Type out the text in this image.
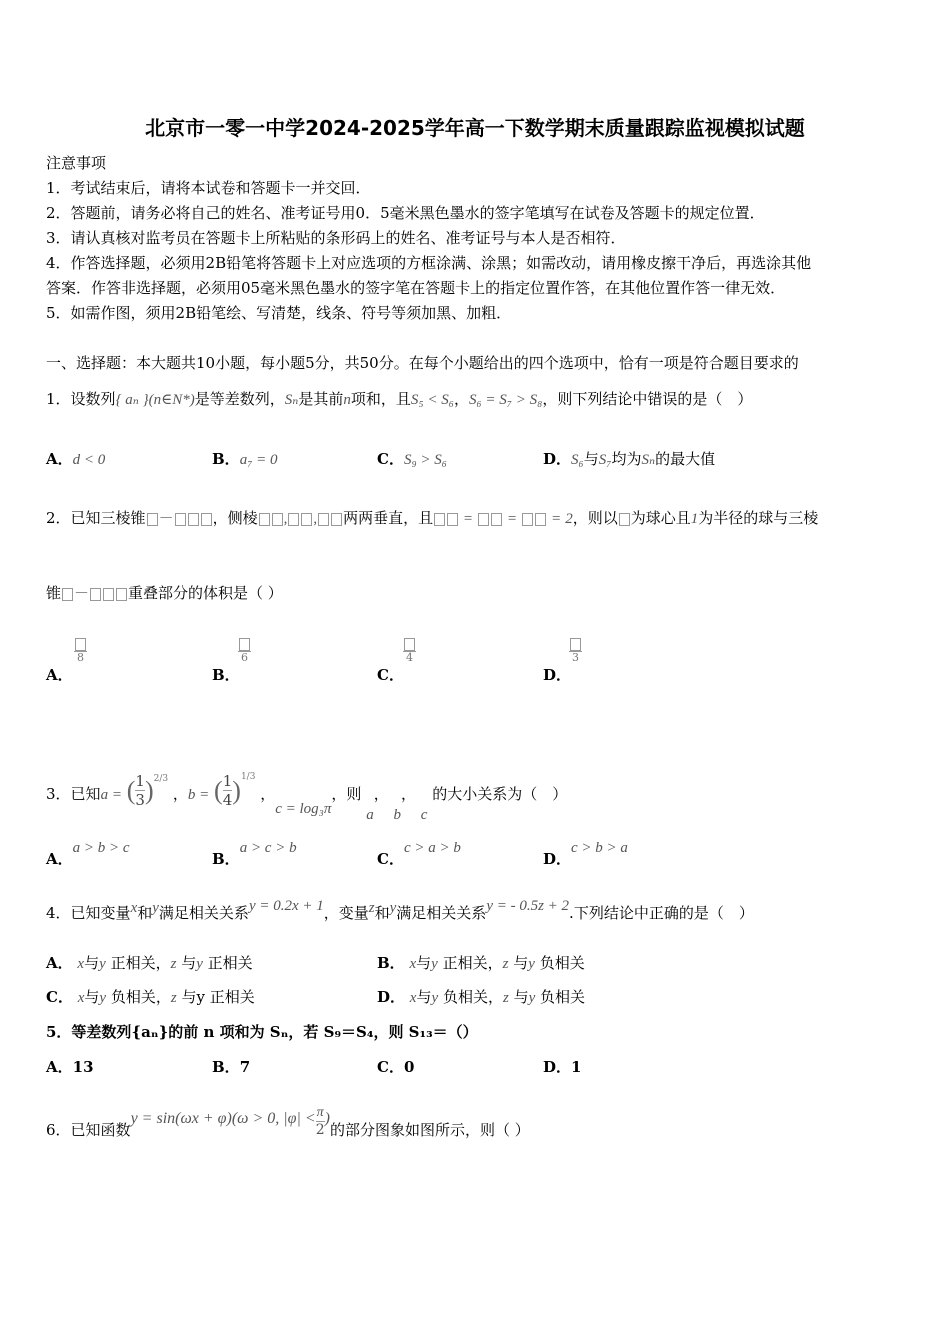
北京市一零一中学2024-2025学年高一下数学期末质量跟踪监视模拟试题
注意事项
1．考试结束后，请将本试卷和答题卡一并交回．
2．答题前，请务必将自己的姓名、准考证号用0．5毫米黑色墨水的签字笔填写在试卷及答题卡的规定位置．
3．请认真核对监考员在答题卡上所粘贴的条形码上的姓名、准考证号与本人是否相符．
4．作答选择题，必须用2B铅笔将答题卡上对应选项的方框涂满、涂黑；如需改动，请用橡皮擦干净后，再选涂其他
答案．作答非选择题，必须用05毫米黑色墨水的签字笔在答题卡上的指定位置作答，在其他位置作答一律无效．
5．如需作图，须用2B铅笔绘、写清楚，线条、符号等须加黑、加粗．
一、选择题：本大题共10小题，每小题5分，共50分。在每个小题给出的四个选项中，恰有一项是符合题目要求的
1．设数列{ aₙ }(n∈N*)是等差数列，Sₙ是其前n项和，且S₅ < S₆，S₆ = S₇ > S₈，则下列结论中错误的是（　）
A．d < 0	B．a₇ = 0	C．S₉ > S₆	D．S₆与S₇均为Sₙ的最大值
2．已知三棱锥 －	，侧棱 , , 两两垂直，且 = = = 2，则以 为球心且1为半径的球与三棱
锥 －	重叠部分的体积是（ ）
8

A．
6

B．
4

C．
3

D．
3．已知$a = (\frac{1}{3} )2/3$ ，$b = (\frac{1}{4} )^{1/3}$ ，c = log₃π，则 a， b， c 的大小关系为（　）
A．a > b > c
B．a > c > b
C．c > a > b
D．c > b > a
4．已知变量x和y满足相关关系y = 0.2x + 1，变量z和y满足相关关系y = - 0.5z + 2.下列结论中正确的是（　）
A． x与y 正相关，z 与y 正相关	B． x与y 正相关，z 与y 负相关
C． x与y 负相关，z 与y 正相关	D． x与y 负相关，z 与y 负相关
5．等差数列{aₙ}的前 n 项和为 Sₙ，若 S₉＝S₄，则 S₁₃＝（）
A．13	B．7	C．0	D．1
6．已知函数y = sin(ωx + φ)(ω > 0, $|\varphi| <\frac{\pi}{2}$ )的部分图象如图所示，则（ ）
